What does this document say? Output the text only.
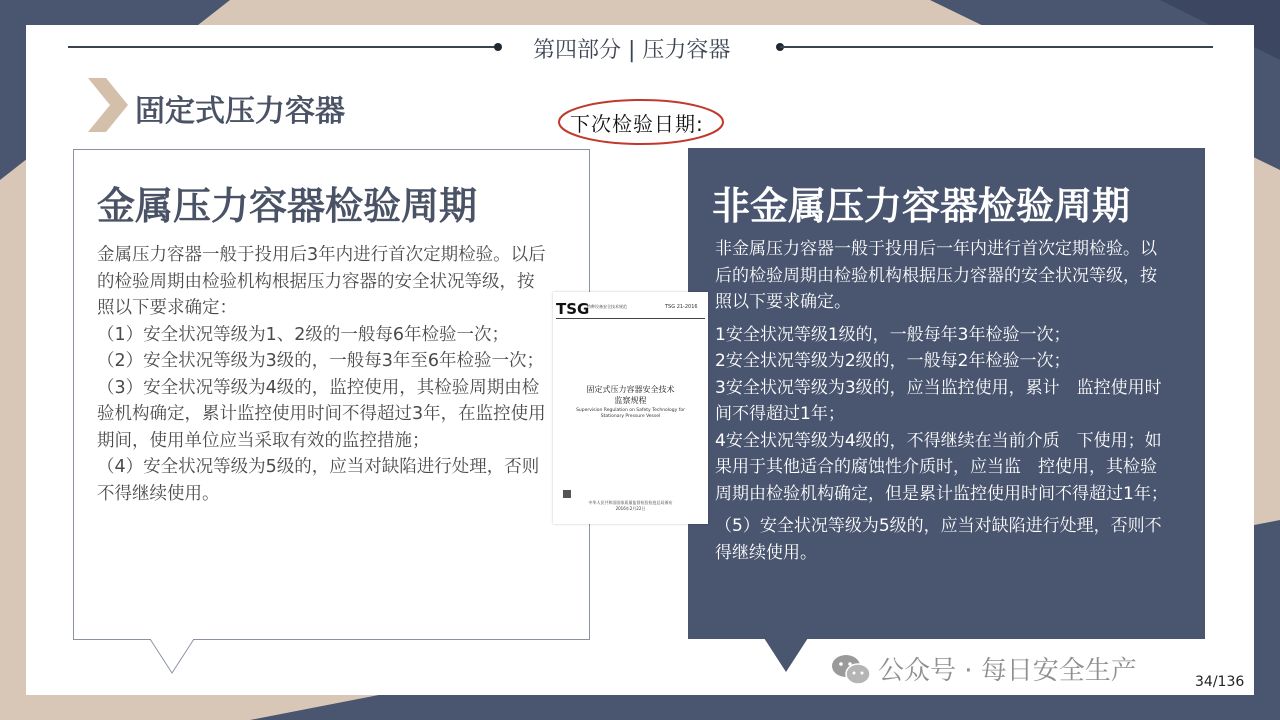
第四部分 | 压力容器
固定式压力容器	下次检验日期:
金属压力容器检验周期

金属压力容器一般于投用后3年内进行首次定期检验。以后的检验周期由检验机构根据压力容器的安全状况等级，按照以下要求确定：

（1）安全状况等级为1、2级的一般每6年检验一次；

（2）安全状况等级为3级的，一般每3年至6年检验一次；

（3）安全状况等级为4级的，监控使用，其检验周期由检验机构确定，累计监控使用时间不得超过3年，在监控使用期间，使用单位应当采取有效的监控措施；

（4）安全状况等级为5级的，应当对缺陷进行处理，否则不得继续使用。

非金属压力容器检验周期

非金属压力容器一般于投用后一年内进行首次定期检验。以后的检验周期由检验机构根据压力容器的安全状况等级，按照以下要求确定。

1安全状况等级1级的，一般每年3年检验一次；

2安全状况等级为2级的，一般每2年检验一次；

3安全状况等级为3级的，应当监控使用，累计　监控使用时间不得超过1年；

4安全状况等级为4级的，不得继续在当前介质　下使用；如果用于其他适合的腐蚀性介质时，应当监　控使用，其检验周期由检验机构确定，但是累计监控使用时间不得超过1年；

（5）安全状况等级为5级的，应当对缺陷进行处理，否则不得继续使用。

TSG
特种设备安全技术规范	TSG 21-2016
固定式压力容器安全技术
监察规程
Supervision Regulation on Safety Technology for
Stationary Pressure Vessel
中华人民共和国国家质量监督检验检疫总局颁布
2016年2月22日
公众号 · 每日安全生产	34/136
